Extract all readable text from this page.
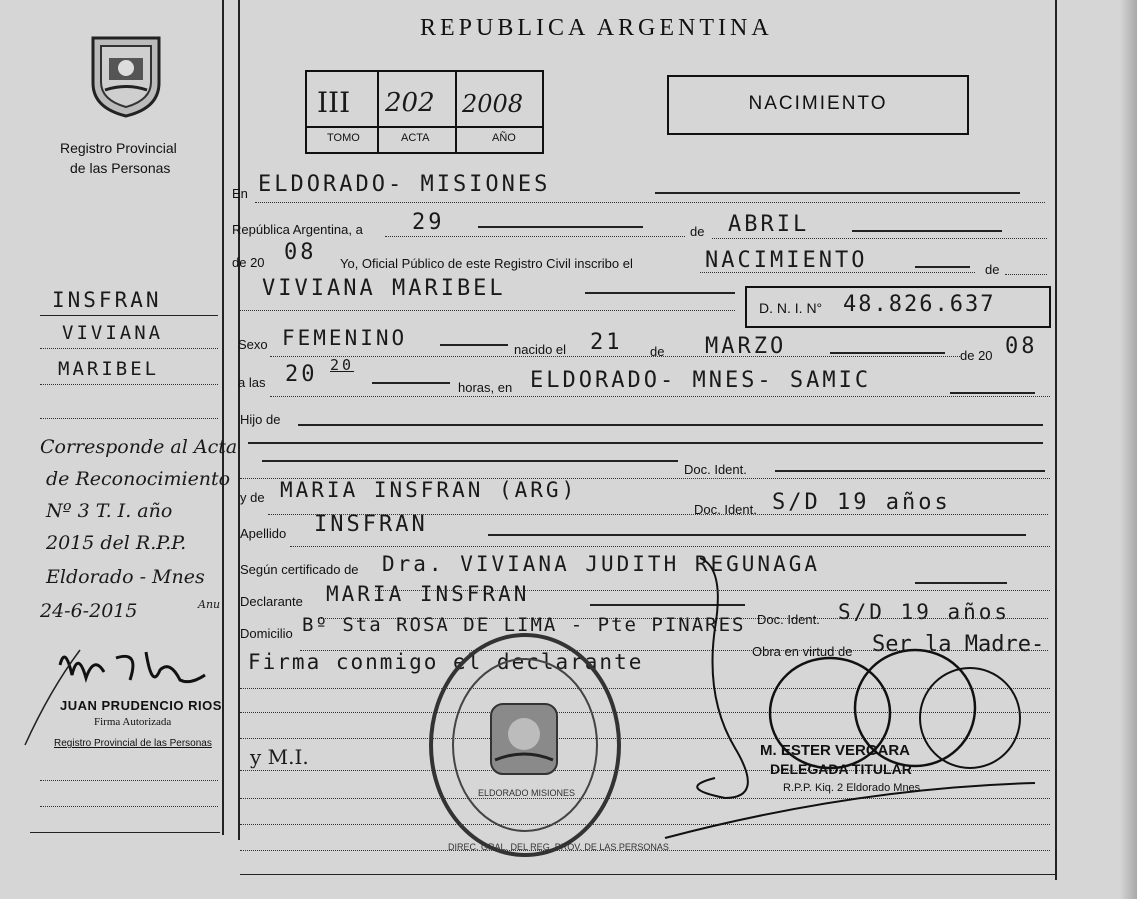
Registro Provincial
de las Personas
REPUBLICA ARGENTINA
III 202 2008
TOMO	ACTA	AÑO
NACIMIENTO
INSFRAN
VIVIANA
MARIBEL
Corresponde al Acta
de Reconocimiento
Nº 3 T. I. año
2015 del R.P.P.
Eldorado - Mnes
24-6-2015	Anu
JUAN PRUDENCIO RIOS
Firma Autorizada
Registro Provincial de las Personas
En ELDORADO- MISIONES
República Argentina, a 29	de ABRIL
de 20 08 Yo, Oficial Público de este Registro Civil inscribo el	NACIMIENTO	de
VIVIANA MARIBEL
D. N. I. N° 48.826.637
Sexo FEMENINO	nacido el 21 de MARZO	de 20 08
a las 20 20
horas, en ELDORADO- MNES- SAMIC
Hijo de
Doc. Ident.
y de MARIA INSFRAN (ARG)
Doc. Ident. S/D 19 años
Apellido INSFRAN
Según certificado de Dra. VIVIANA JUDITH REGUNAGA
Declarante MARIA INSFRAN
Doc. Ident. S/D 19 años
Domicilio Bº Sta ROSA DE LIMA - Pte PINARES
Obra en virtud de Ser la Madre-
Firma conmigo el declarante
y M.I.
DIREC. GRAL. DEL REG. PROV. DE LAS PERSONAS
ELDORADO MISIONES
M. ESTER VERGARA
DELEGADA TITULAR
R.P.P. Kiq. 2 Eldorado Mnes
